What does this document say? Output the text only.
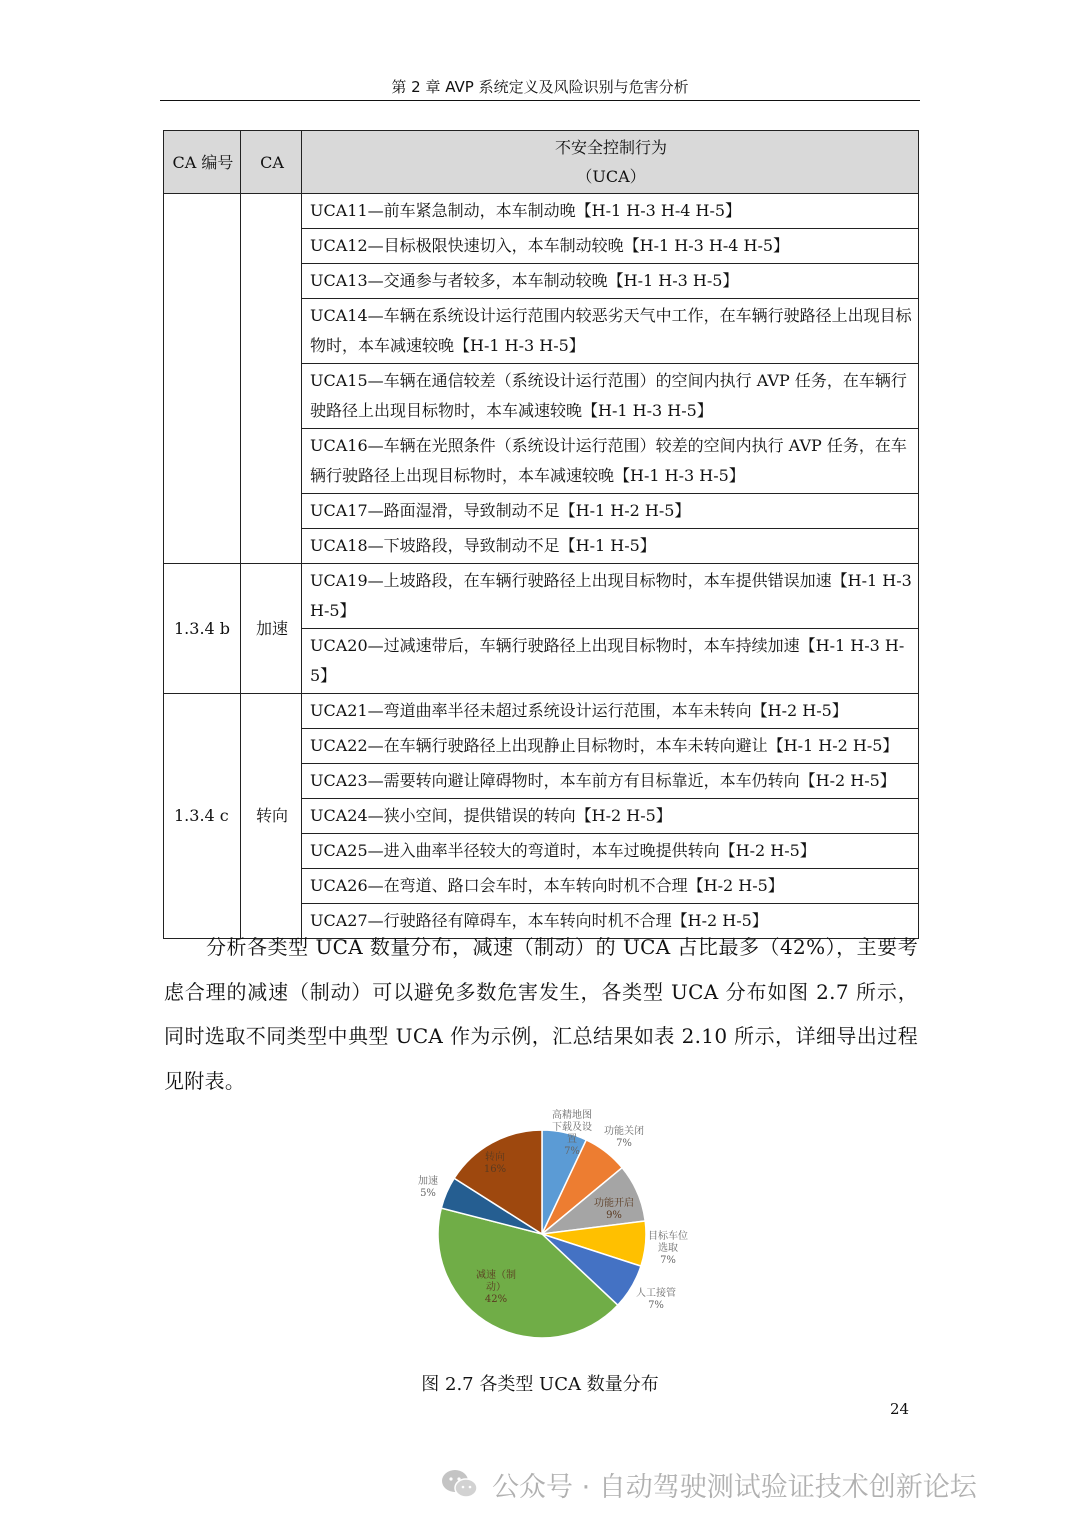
第 2 章 AVP 系统定义及风险识别与危害分析
CA 编号	CA	不安全控制行为
（UCA）

		UCA11—前车紧急制动，本车制动晚【H-1 H-3 H-4 H-5】
		UCA12—目标极限快速切入，本车制动较晚【H-1 H-3 H-4 H-5】
		UCA13—交通参与者较多，本车制动较晚【H-1 H-3 H-5】
		UCA14—车辆在系统设计运行范围内较恶劣天气中工作，在车辆行驶路径上出现目标物时，本车减速较晚【H-1 H-3 H-5】
		UCA15—车辆在通信较差（系统设计运行范围）的空间内执行 AVP 任务，在车辆行驶路径上出现目标物时，本车减速较晚【H-1 H-3 H-5】
		UCA16—车辆在光照条件（系统设计运行范围）较差的空间内执行 AVP 任务，在车辆行驶路径上出现目标物时，本车减速较晚【H-1 H-3 H-5】
		UCA17—路面湿滑，导致制动不足【H-1 H-2 H-5】
		UCA18—下坡路段，导致制动不足【H-1 H-5】
1.3.4 b	加速	UCA19—上坡路段，在车辆行驶路径上出现目标物时，本车提供错误加速【H-1 H-3 H-5】
		UCA20—过减速带后，车辆行驶路径上出现目标物时，本车持续加速【H-1 H-3 H-5】
1.3.4 c	转向	UCA21—弯道曲率半径未超过系统设计运行范围，本车未转向【H-2 H-5】
		UCA22—在车辆行驶路径上出现静止目标物时，本车未转向避让【H-1 H-2 H-5】
		UCA23—需要转向避让障碍物时，本车前方有目标靠近，本车仍转向【H-2 H-5】
		UCA24—狭小空间，提供错误的转向【H-2 H-5】
		UCA25—进入曲率半径较大的弯道时，本车过晚提供转向【H-2 H-5】
		UCA26—在弯道、路口会车时，本车转向时机不合理【H-2 H-5】
		UCA27—行驶路径有障碍车，本车转向时机不合理【H-2 H-5】
分析各类型 UCA 数量分布，减速（制动）的 UCA 占比最多（42%），主要考虑合理的减速（制动）可以避免多数危害发生，各类型 UCA 分布如图 2.7 所示，同时选取不同类型中典型 UCA 作为示例，汇总结果如表 2.10 所示，详细导出过程见附表。
高精地图下载及设置 7%
功能关闭 7%
功能开启 9%
目标车位选取 7%
人工接管 7%
减速（制动） 42%
加速 5%
转向 16%
图 2.7 各类型 UCA 数量分布
24
公众号 · 自动驾驶测试验证技术创新论坛
